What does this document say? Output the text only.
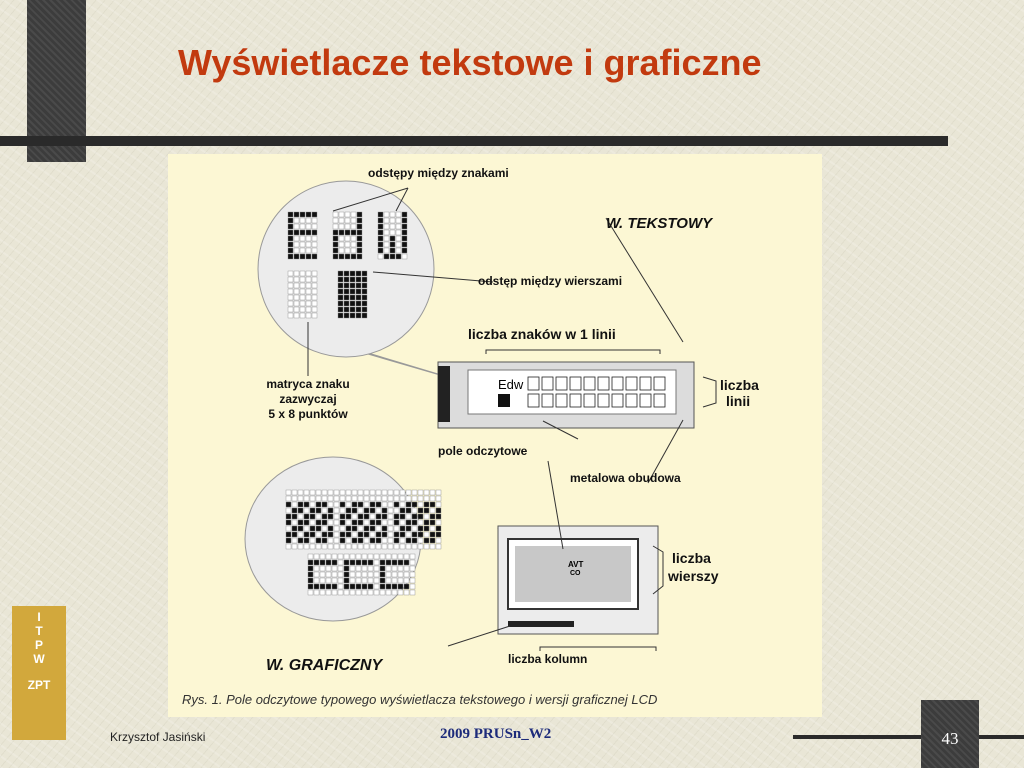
Wyświetlacze tekstowe i graficzne
Edw
AVT
CO
odstępy między znakami
W. TEKSTOWY
odstęp między wierszami
liczba znaków w 1 linii
matryca znaku
zazwyczaj
5 x 8 punktów
liczba
linii
pole odczytowe
metalowa obudowa
liczba
wierszy
W. GRAFICZNY	liczba kolumn
Rys. 1. Pole odczytowe typowego wyświetlacza tekstowego i wersji graficznej LCD
I
T
P
W
ZPT
Krzysztof Jasiński	2009 PRUSn_W2	43
